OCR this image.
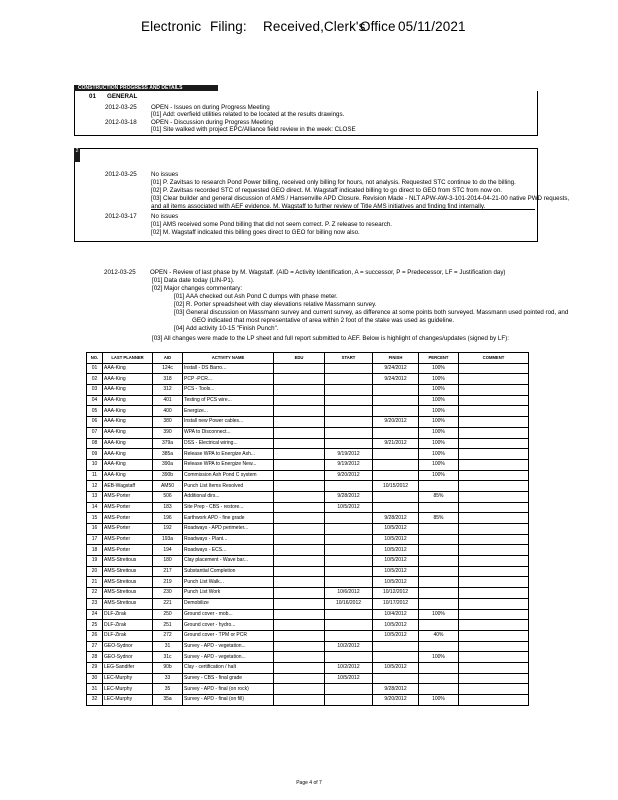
Electronic Filing: Received,Clerk's
Office 05/11/2021
CONSTRUCTION PROGRESS AND DETAILS
01 GENERAL
2012-03-25 OPEN - Issues on during Progress Meeting
[01] Add: overfield utilities related to be located at the results drawings.
2012-03-18 OPEN - Discussion during Progress Meeting
[01] Site walked with project EPC/Alliance field review in the week: CLOSE
2
2012-03-25 No issues
[01] P. Zavitsas to research Pond Power billing, received only billing for hours, not analysis. Requested STC continue to do the billing.
[02] P. Zavitsas recorded STC of requested GEO direct. M. Wagstaff indicated billing to go direct to GEO from STC from now on.
[03] Clear builder and general discussion of AMS / Hansenville APD Closure. Revision Made - NLT APW-AW-3-101-2014-04-21-00 native PWD requests,
and all items associated with AEF evidence. M. Wagstaff to further review of Title AMS initiatives and finding find internally.
2012-03-17 No issues
[01] AMS received some Pond billing that did not seem correct. P. Z release to research.
[02] M. Wagstaff indicated this billing goes direct to GEO for billing now also.
2012-03-25 OPEN - Review of last phase by M. Wagstaff. (AID = Activity Identification, A = successor, P = Predecessor, LF = Justification day)
[01] Data date today (LIN-P1).
[02] Major changes commentary:
[01] AAA checked out Ash Pond C dumps with phase meter.
[02] R. Porter spreadsheet with clay elevations relative Massmann survey.
[03] General discussion on Massmann survey and current survey, as difference at some points both surveyed. Massmann used pointed rod, and
GEO indicated that most representative of area within 2 foot of the stake was used as guideline.
[04] Add activity 10-15 "Finish Punch".
[03] All changes were made to the LP sheet and full report submitted to AEF. Below is highlight of changes/updates (signed by LF):
NO.	LAST PLANNER	AID	ACTIVITY NAME	EDU	START	FINISH	PERCENT	COMMENT
01	AAA-King	124c	Install - DS Barro...			9/24/2012	100%	
02	AAA-King	318	PCP -PCR...			9/24/2012	100%	
03	AAA-King	312	PCS - Tools...				100%	
04	AAA-King	401	Testing of PCS wire...				100%	
05	AAA-King	400	Energize...				100%	
06	AAA-King	380	Install new Power cables...			9/20/2012	100%	
07	AAA-King	390	WPA to Disconnect...				100%	
08	AAA-King	379a	DSS - Electrical wiring...			9/21/2012	100%	
09	AAA-King	385a	Release WPA to Energize Ash...		9/19/2012		100%	
10	AAA-King	390a	Release WPA to Energize New...		9/19/2012		100%	
11	AAA-King	390b	Commission Ash Pond C system		9/20/2012		100%	
12	AEB-Wagstaff	AM50	Punch List Items Resolved			10/15/2012		
13	AMS-Porter	506	Additional dirs...		9/28/2012		85%	
14	AMS-Porter	183	Site Prep - CBS - restore...		10/5/2012			
15	AMS-Porter	196	Earthwork APD - fine grade			9/28/2012	85%	
16	AMS-Porter	192	Roadways - APD perimeter...			10/5/2012		
17	AMS-Porter	193a	Roadways - Plant...			10/5/2012		
18	AMS-Porter	194	Roadways - ECS...			10/5/2012		
19	AMS-Streitous	180	Clay placement - Wave bar...			10/5/2012		
20	AMS-Streitous	217	Substantial Completion			10/5/2012		
21	AMS-Streitous	219	Punch List Walk...			10/5/2012		
22	AMS-Streitous	230	Punch List Work		10/6/2012	10/12/2012		
23	AMS-Streitous	221	Demobilize		10/16/2012	10/17/2012		
24	DLF-Zirak	250	Ground cover - mob...			10/4/2012	100%	
25	DLF-Zirak	251	Ground cover - hydro...			10/5/2012		
26	DLF-Zirak	272	Ground cover - TPM or PCR			10/5/2012	40%	
27	GEO-Sydnor	31	Survey - APD - vegetation...		10/2/2012			
28	GEO-Sydnor	31c	Survey - APD - vegetation...				100%	
29	LEG-Sandifer	90b	Clay - certification / halt		10/2/2012	10/5/2012		
30	LEC-Murphy	33	Survey - CBS - final grade		10/5/2012			
31	LEC-Murphy	35	Survey - APD - final (on rock)			9/28/2012		
32	LEC-Murphy	35a	Survey - APD - final (on fill)			9/20/2012	100%	
Page 4 of 7
